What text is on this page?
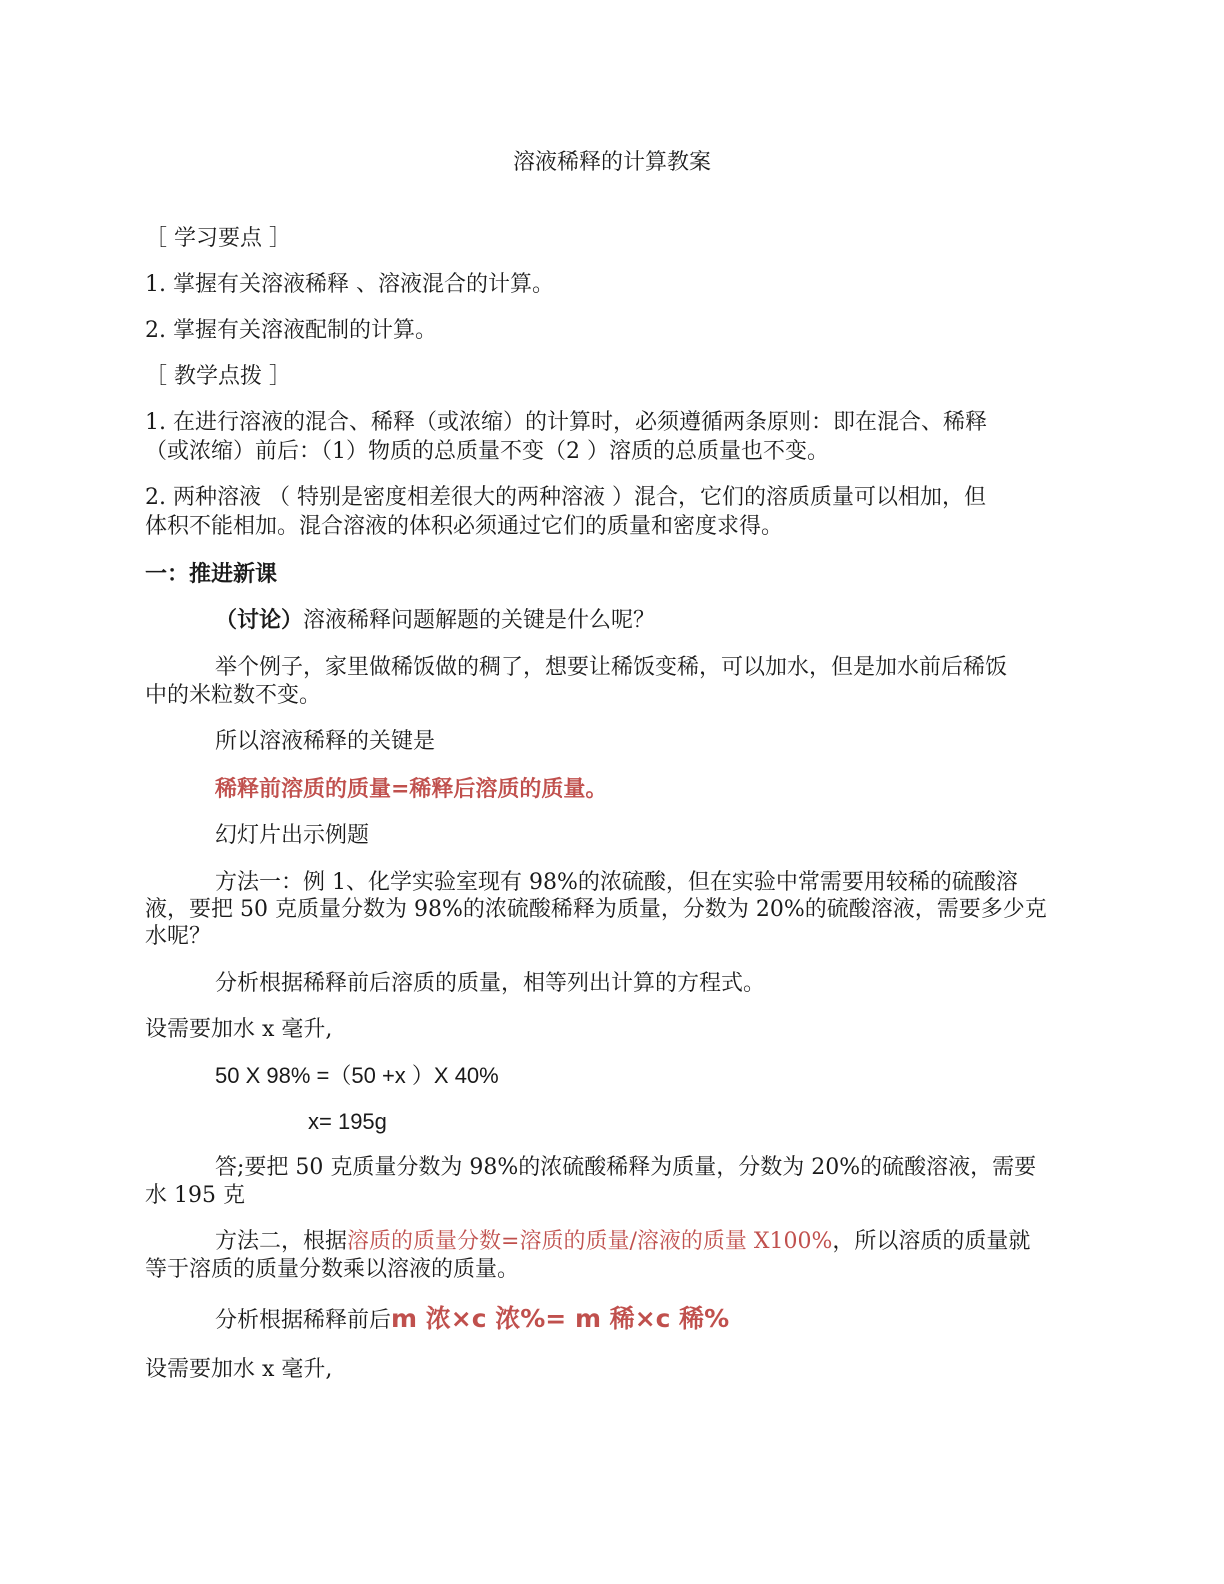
溶液稀释的计算教案
［ 学习要点 ］
1. 掌握有关溶液稀释 、溶液混合的计算。
2. 掌握有关溶液配制的计算。
［ 教学点拨 ］
1. 在进行溶液的混合、稀释（或浓缩）的计算时，必须遵循两条原则：即在混合、稀释
（或浓缩）前后：（1）物质的总质量不变（2 ）溶质的总质量也不变。
2. 两种溶液 （ 特别是密度相差很大的两种溶液 ）混合，它们的溶质质量可以相加，但
体积不能相加。混合溶液的体积必须通过它们的质量和密度求得。
一：推进新课
（讨论）溶液稀释问题解题的关键是什么呢？
举个例子，家里做稀饭做的稠了，想要让稀饭变稀，可以加水，但是加水前后稀饭
中的米粒数不变。
所以溶液稀释的关键是
稀释前溶质的质量=稀释后溶质的质量。
幻灯片出示例题
方法一：例 1、化学实验室现有 98%的浓硫酸，但在实验中常需要用较稀的硫酸溶
液，要把 50 克质量分数为 98%的浓硫酸稀释为质量，分数为 20%的硫酸溶液，需要多少克
水呢？
分析根据稀释前后溶质的质量，相等列出计算的方程式。
设需要加水 x 毫升,
50 X 98% =（50 +x ）X 40%
x= 195g
答;要把 50 克质量分数为 98%的浓硫酸稀释为质量，分数为 20%的硫酸溶液，需要
水 195 克
方法二，根据溶质的质量分数=溶质的质量/溶液的质量 X100%，所以溶质的质量就
等于溶质的质量分数乘以溶液的质量。
分析根据稀释前后m 浓×c 浓%= m 稀×c 稀%
设需要加水 x 毫升,
